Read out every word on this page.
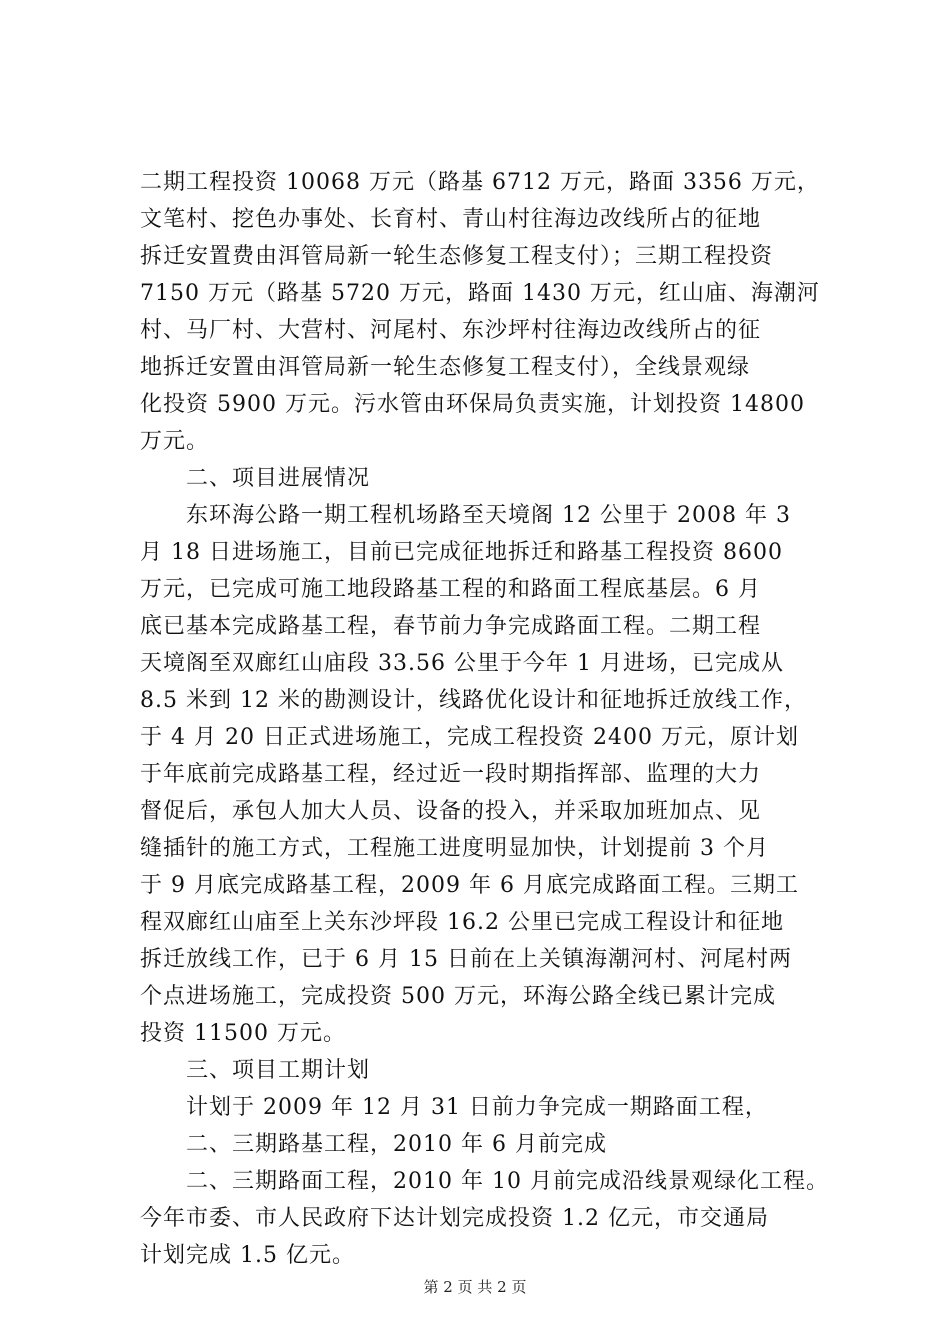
二期工程投资 10068 万元（路基 6712 万元，路面 3356 万元，
文笔村、挖色办事处、长育村、青山村往海边改线所占的征地
拆迁安置费由洱管局新一轮生态修复工程支付）；三期工程投资
7150 万元（路基 5720 万元，路面 1430 万元，红山庙、海潮河
村、马厂村、大营村、河尾村、东沙坪村往海边改线所占的征
地拆迁安置由洱管局新一轮生态修复工程支付），全线景观绿
化投资 5900 万元。污水管由环保局负责实施，计划投资 14800
万元。
　　二、项目进展情况
　　东环海公路一期工程机场路至天境阁 12 公里于 2008 年 3
月 18 日进场施工，目前已完成征地拆迁和路基工程投资 8600
万元，已完成可施工地段路基工程的和路面工程底基层。6 月
底已基本完成路基工程，春节前力争完成路面工程。二期工程
天境阁至双廊红山庙段 33.56 公里于今年 1 月进场，已完成从
8.5 米到 12 米的勘测设计，线路优化设计和征地拆迁放线工作，
于 4 月 20 日正式进场施工，完成工程投资 2400 万元，原计划
于年底前完成路基工程，经过近一段时期指挥部、监理的大力
督促后，承包人加大人员、设备的投入，并采取加班加点、见
缝插针的施工方式，工程施工进度明显加快，计划提前 3 个月
于 9 月底完成路基工程，2009 年 6 月底完成路面工程。三期工
程双廊红山庙至上关东沙坪段 16.2 公里已完成工程设计和征地
拆迁放线工作，已于 6 月 15 日前在上关镇海潮河村、河尾村两
个点进场施工，完成投资 500 万元，环海公路全线已累计完成
投资 11500 万元。
　　三、项目工期计划
　　计划于 2009 年 12 月 31 日前力争完成一期路面工程，
　　二、三期路基工程，2010 年 6 月前完成
　　二、三期路面工程，2010 年 10 月前完成沿线景观绿化工程。
今年市委、市人民政府下达计划完成投资 1.2 亿元，市交通局
计划完成 1.5 亿元。
第 2 页 共 2 页
